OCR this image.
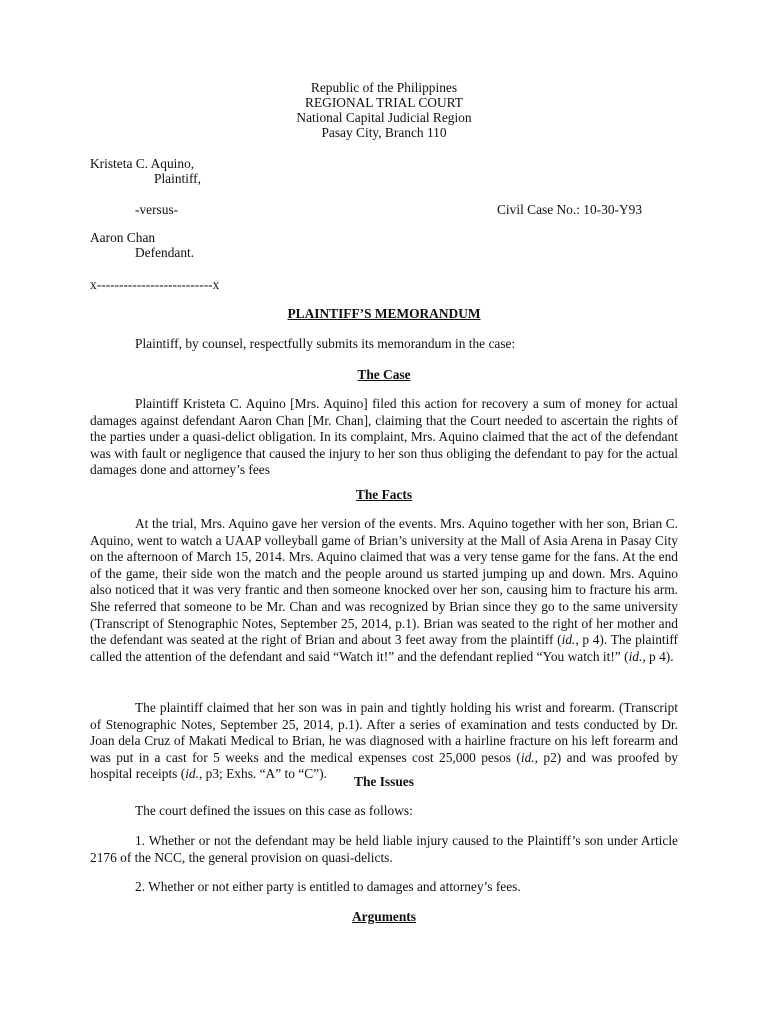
Republic of the Philippines
REGIONAL TRIAL COURT
National Capital Judicial Region
Pasay City, Branch 110
Kristeta C. Aquino,
Plaintiff,
-versus-	Civil Case No.: 10-30-Y93
Aaron Chan
Defendant.
x--------------------------x
PLAINTIFF’S MEMORANDUM
Plaintiff, by counsel, respectfully submits its memorandum in the case:
The Case
Plaintiff Kristeta C. Aquino [Mrs. Aquino] filed this action for recovery a sum of money for actual damages against defendant Aaron Chan [Mr. Chan], claiming that the Court needed to ascertain the rights of the parties under a quasi-delict obligation. In its complaint, Mrs. Aquino claimed that the act of the defendant was with fault or negligence that caused the injury to her son thus obliging the defendant to pay for the actual damages done and attorney’s fees
The Facts
At the trial, Mrs. Aquino gave her version of the events. Mrs. Aquino together with her son, Brian C. Aquino, went to watch a UAAP volleyball game of Brian’s university at the Mall of Asia Arena in Pasay City on the afternoon of March 15, 2014. Mrs. Aquino claimed that was a very tense game for the fans. At the end of the game, their side won the match and the people around us started jumping up and down. Mrs. Aquino also noticed that it was very frantic and then someone knocked over her son, causing him to fracture his arm. She referred that someone to be Mr. Chan and was recognized by Brian since they go to the same university (Transcript of Stenographic Notes, September 25, 2014, p.1). Brian was seated to the right of her mother and the defendant was seated at the right of Brian and about 3 feet away from the plaintiff (id., p 4). The plaintiff called the attention of the defendant and said “Watch it!” and the defendant replied “You watch it!” (id., p 4).
The plaintiff claimed that her son was in pain and tightly holding his wrist and forearm. (Transcript of Stenographic Notes, September 25, 2014, p.1). After a series of examination and tests conducted by Dr. Joan dela Cruz of Makati Medical to Brian, he was diagnosed with a hairline fracture on his left forearm and was put in a cast for 5 weeks and the medical expenses cost 25,000 pesos (id., p2) and was proofed by hospital receipts (id., p3; Exhs. “A” to “C”).
The Issues
The court defined the issues on this case as follows:
1. Whether or not the defendant may be held liable injury caused to the Plaintiff’s son under Article 2176 of the NCC, the general provision on quasi-delicts.
2. Whether or not either party is entitled to damages and attorney’s fees.
Arguments
